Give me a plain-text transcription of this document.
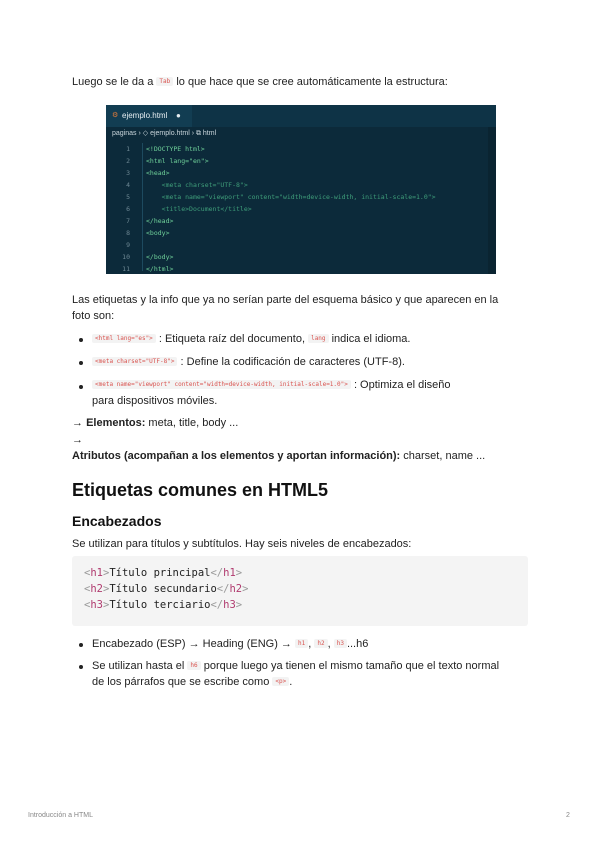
Luego se le da a Tab lo que hace que se cree automáticamente la estructura:
⚙ ejemplo.html ●
paginas › ◇ ejemplo.html › ⧉ html
1 <!DOCTYPE html>
2 <html lang="en">
3 <head>
4 <meta charset="UTF-8">
5 <meta name="viewport" content="width=device-width, initial-scale=1.0">
6 <title>Document</title>
7 </head>
8 <body>
9
10 </body>
11 </html>
Las etiquetas y la info que ya no serían parte del esquema básico y que aparecen en la
foto son:
<html lang="es"> : Etiqueta raíz del documento, lang indica el idioma.
<meta charset="UTF-8"> : Define la codificación de caracteres (UTF-8).
<meta name="viewport" content="width=device-width, initial-scale=1.0"> : Optimiza el diseño
para dispositivos móviles.
→ Elementos: meta, title, body ...
→
Atributos (acompañan a los elementos y aportan información): charset, name ...
Etiquetas comunes en HTML5
Encabezados
Se utilizan para títulos y subtítulos. Hay seis niveles de encabezados:
<h1>Título principal</h1>
<h2>Título secundario</h2>
<h3>Título terciario</h3>
Encabezado (ESP) → Heading (ENG) → h1 , h2 , h3 ...h6
Se utilizan hasta el h6 porque luego ya tienen el mismo tamaño que el texto normal
de los párrafos que se escribe como <p> .
Introducción a HTML	2
